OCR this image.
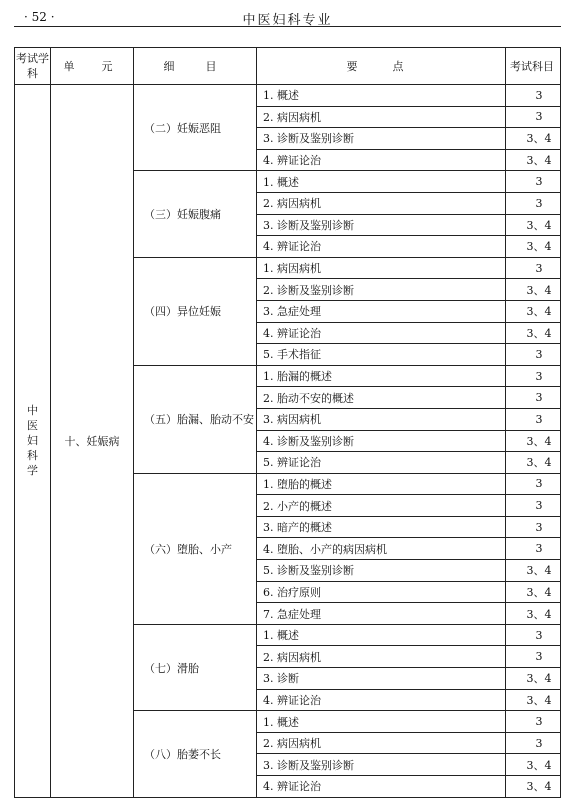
· 52 ·	中医妇科专业
考试学科	单　元	细　目	要　点	考试科目
中医妇科学	十、妊娠病	（二）妊娠恶阻	1. 概述	3
			2. 病因病机	3
			3. 诊断及鉴别诊断	3、4
			4. 辨证论治	3、4
		（三）妊娠腹痛	1. 概述	3
			2. 病因病机	3
			3. 诊断及鉴别诊断	3、4
			4. 辨证论治	3、4
		（四）异位妊娠	1. 病因病机	3
			2. 诊断及鉴别诊断	3、4
			3. 急症处理	3、4
			4. 辨证论治	3、4
			5. 手术指征	3
		（五）胎漏、胎动不安	1. 胎漏的概述	3
			2. 胎动不安的概述	3
			3. 病因病机	3
			4. 诊断及鉴别诊断	3、4
			5. 辨证论治	3、4
		（六）堕胎、小产	1. 堕胎的概述	3
			2. 小产的概述	3
			3. 暗产的概述	3
			4. 堕胎、小产的病因病机	3
			5. 诊断及鉴别诊断	3、4
			6. 治疗原则	3、4
			7. 急症处理	3、4
		（七）滑胎	1. 概述	3
			2. 病因病机	3
			3. 诊断	3、4
			4. 辨证论治	3、4
		（八）胎萎不长	1. 概述	3
			2. 病因病机	3
			3. 诊断及鉴别诊断	3、4
			4. 辨证论治	3、4
